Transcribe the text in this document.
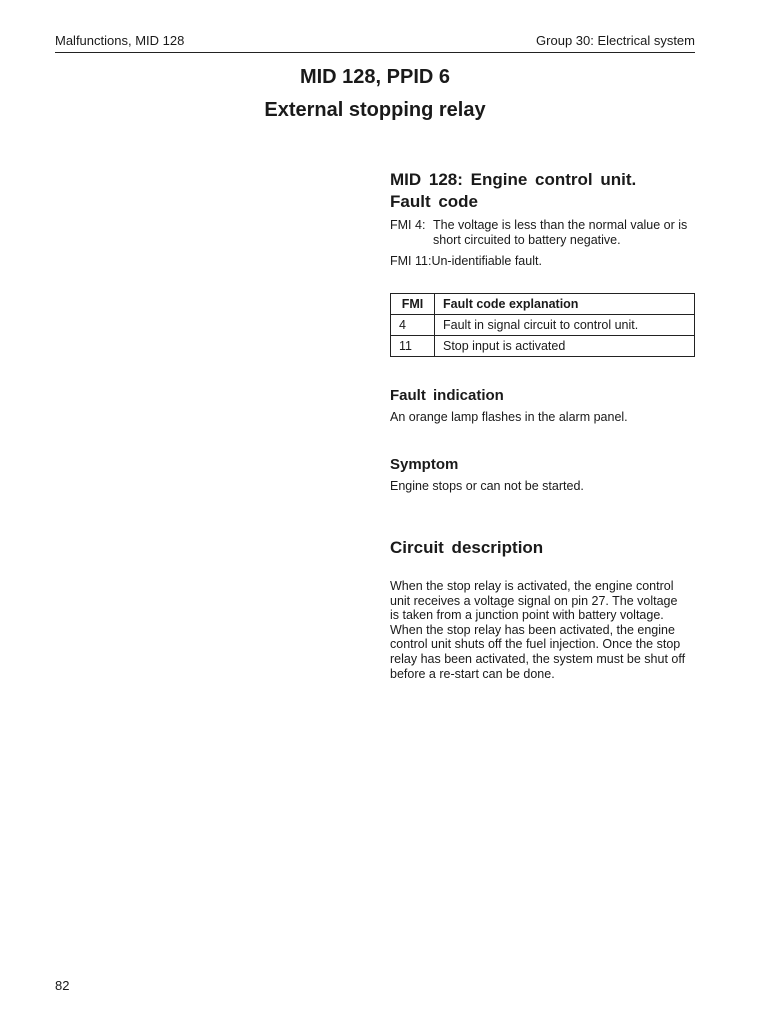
Malfunctions, MID 128	Group 30: Electrical system
MID 128, PPID 6
External stopping relay
MID 128: Engine control unit.
Fault code
FMI 4: The voltage is less than the normal value or is short circuited to battery negative.
FMI 11:Un-identifiable fault.
FMI	Fault code explanation
4	Fault in signal circuit to control unit.
11	Stop input is activated
Fault indication
An orange lamp flashes in the alarm panel.
Symptom
Engine stops or can not be started.
Circuit description
When the stop relay is activated, the engine control
unit receives a voltage signal on pin 27. The voltage
is taken from a junction point with battery voltage.
When the stop relay has been activated, the engine
control unit shuts off the fuel injection. Once the stop
relay has been activated, the system must be shut off
before a re-start can be done.
82
